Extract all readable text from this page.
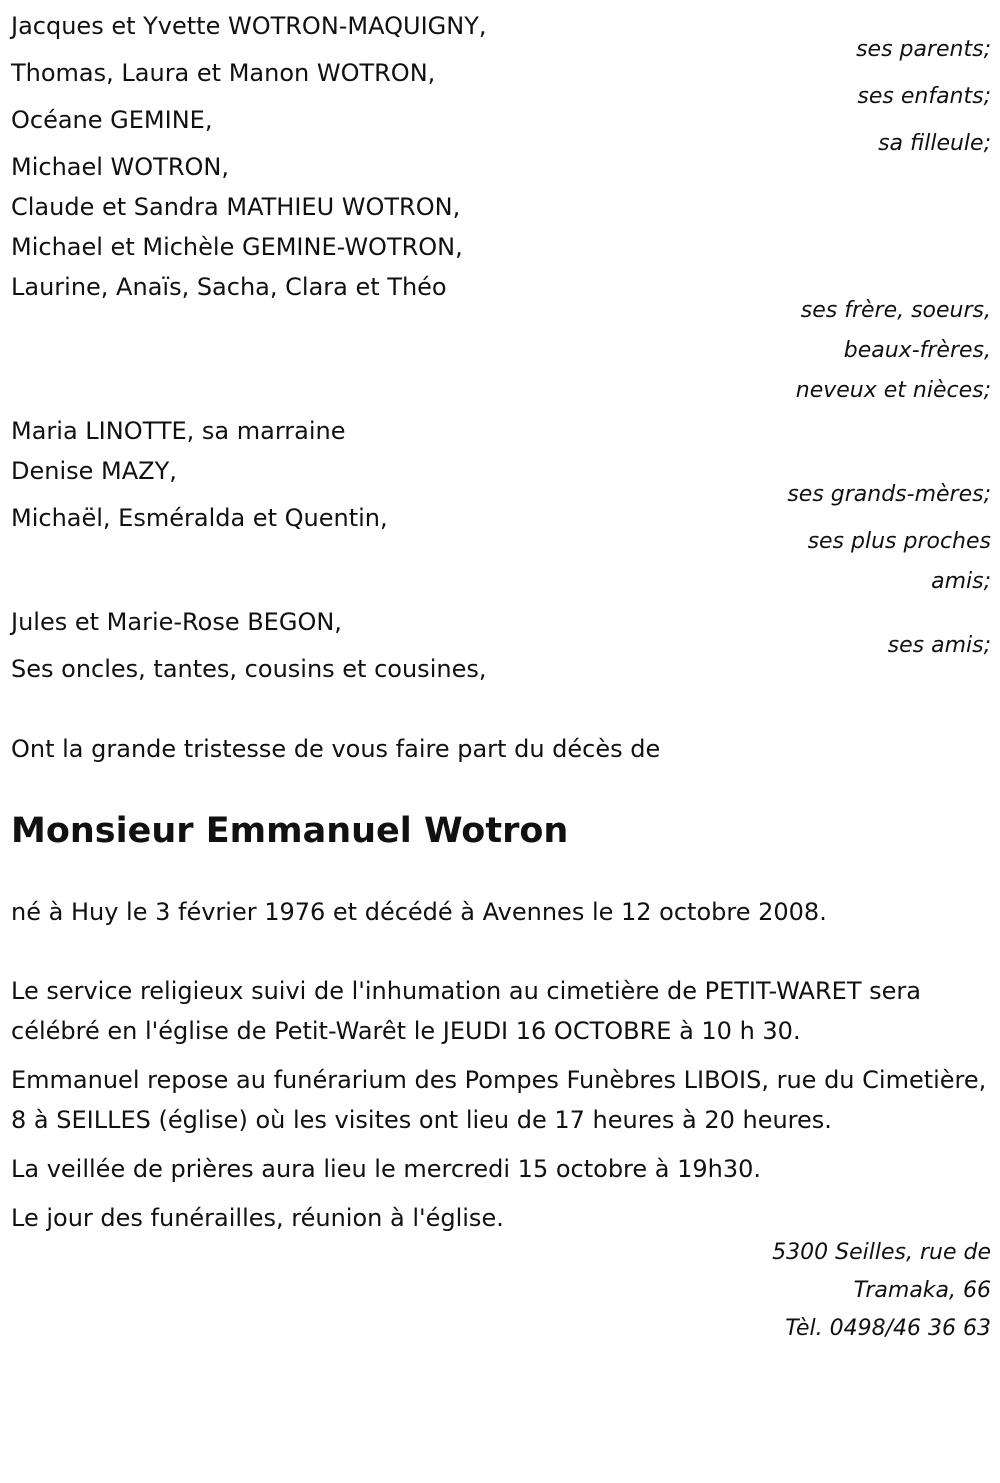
Jacques et Yvette WOTRON-MAQUIGNY,
ses parents;
Thomas, Laura et Manon WOTRON,
ses enfants;
Océane GEMINE,
sa filleule;
Michael WOTRON,
Claude et Sandra MATHIEU WOTRON,
Michael et Michèle GEMINE-WOTRON,
Laurine, Anaïs, Sacha, Clara et Théo
ses frère, soeurs,
beaux-frères,
neveux et nièces;
Maria LINOTTE, sa marraine
Denise MAZY,
ses grands-mères;
Michaël, Esméralda et Quentin,
ses plus proches
amis;
Jules et Marie-Rose BEGON,
ses amis;
Ses oncles, tantes, cousins et cousines,
Ont la grande tristesse de vous faire part du décès de
Monsieur Emmanuel Wotron
né à Huy le 3 février 1976 et décédé à Avennes le 12 octobre 2008.

Le service religieux suivi de l'inhumation au cimetière de PETIT-WARET sera célébré en l'église de Petit-Warêt le JEUDI 16 OCTOBRE à 10 h 30.

Emmanuel repose au funérarium des Pompes Funèbres LIBOIS, rue du Cimetière, 8 à SEILLES (église) où les visites ont lieu de 17 heures à 20 heures.

La veillée de prières aura lieu le mercredi 15 octobre à 19h30.

Le jour des funérailles, réunion à l'église.

5300 Seilles, rue de
Tramaka, 66
Tèl. 0498/46 36 63
